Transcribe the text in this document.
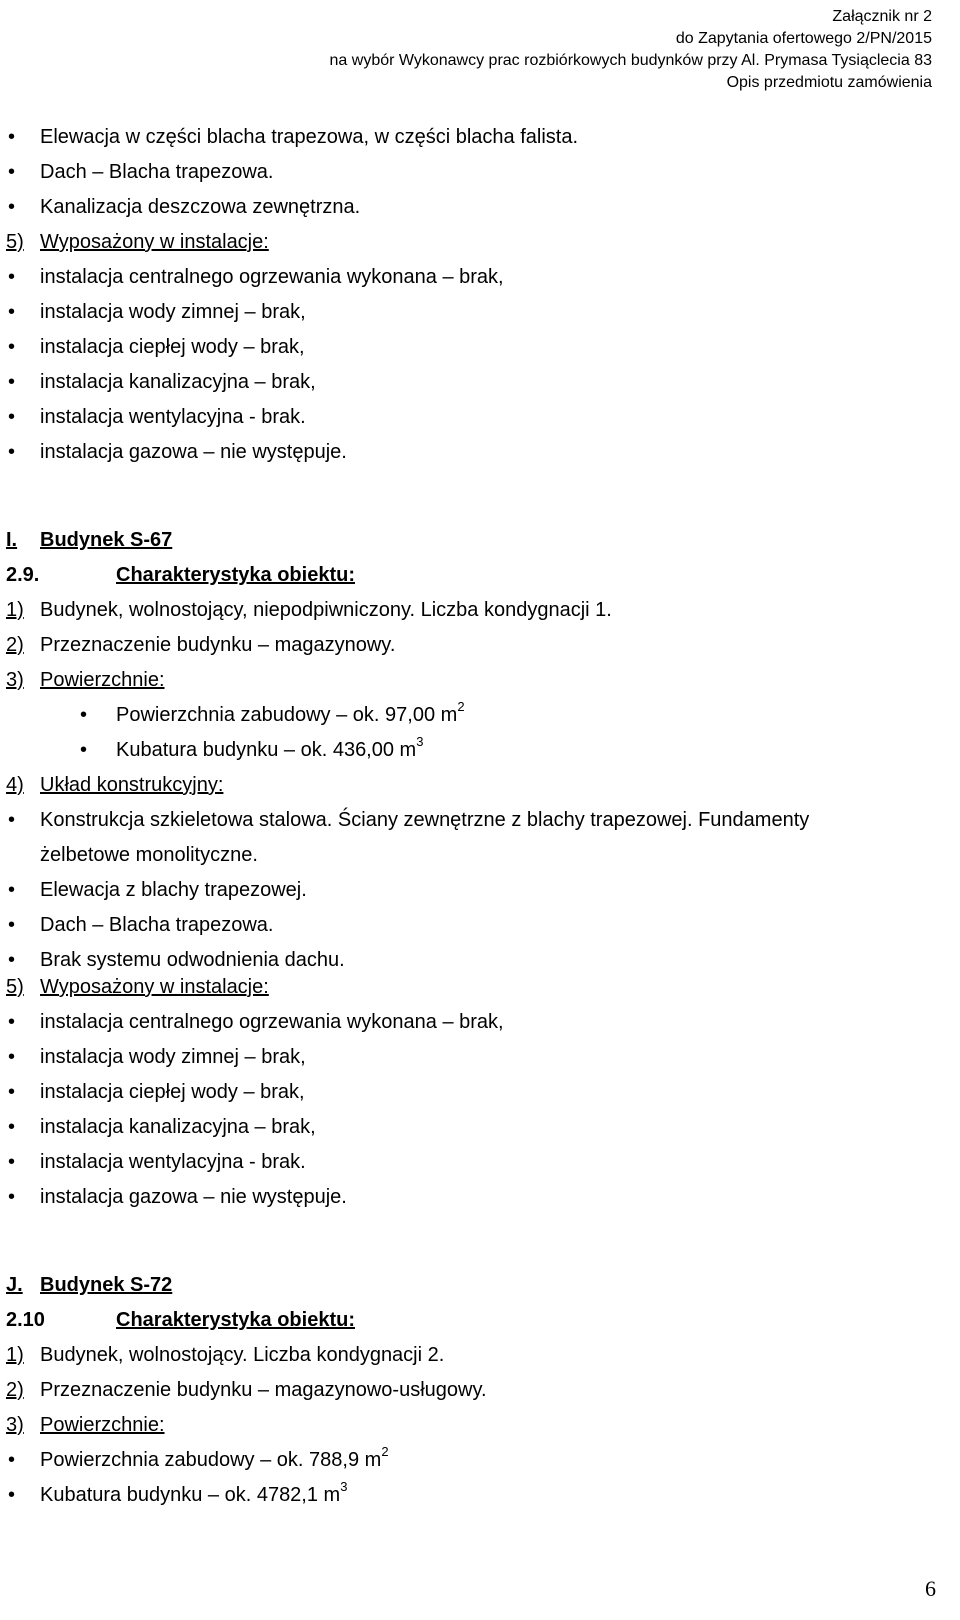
Załącznik nr 2
do Zapytania ofertowego 2/PN/2015
na wybór Wykonawcy prac rozbiórkowych budynków przy Al. Prymasa Tysiąclecia 83
Opis przedmiotu zamówienia
• Elewacja w części blacha trapezowa, w części blacha falista.
• Dach – Blacha trapezowa.
• Kanalizacja deszczowa zewnętrzna.
5) Wyposażony w instalacje:
• instalacja centralnego ogrzewania wykonana – brak,
• instalacja wody zimnej – brak,
• instalacja ciepłej wody – brak,
• instalacja kanalizacyjna – brak,
• instalacja wentylacyjna - brak.
• instalacja gazowa – nie występuje.
I. Budynek S-67
2.9.	Charakterystyka obiektu:
1) Budynek, wolnostojący, niepodpiwniczony. Liczba kondygnacji 1.
2) Przeznaczenie budynku – magazynowy.
3) Powierzchnie:
• Powierzchnia zabudowy – ok. 97,00 $m^2$
• Kubatura budynku – ok. 436,00 $m^3$
4) Układ konstrukcyjny:
• Konstrukcja szkieletowa stalowa. Ściany zewnętrzne z blachy trapezowej. Fundamenty
żelbetowe monolityczne.
• Elewacja z blachy trapezowej.
• Dach – Blacha trapezowa.
• Brak systemu odwodnienia dachu.
5) Wyposażony w instalacje:
• instalacja centralnego ogrzewania wykonana – brak,
• instalacja wody zimnej – brak,
• instalacja ciepłej wody – brak,
• instalacja kanalizacyjna – brak,
• instalacja wentylacyjna - brak.
• instalacja gazowa – nie występuje.
J. Budynek S-72
2.10	Charakterystyka obiektu:
1) Budynek, wolnostojący. Liczba kondygnacji 2.
2) Przeznaczenie budynku – magazynowo-usługowy.
3) Powierzchnie:
• Powierzchnia zabudowy – ok. 788,9 $m^2$
• Kubatura budynku – ok. 4782,1 $m^3$
6
